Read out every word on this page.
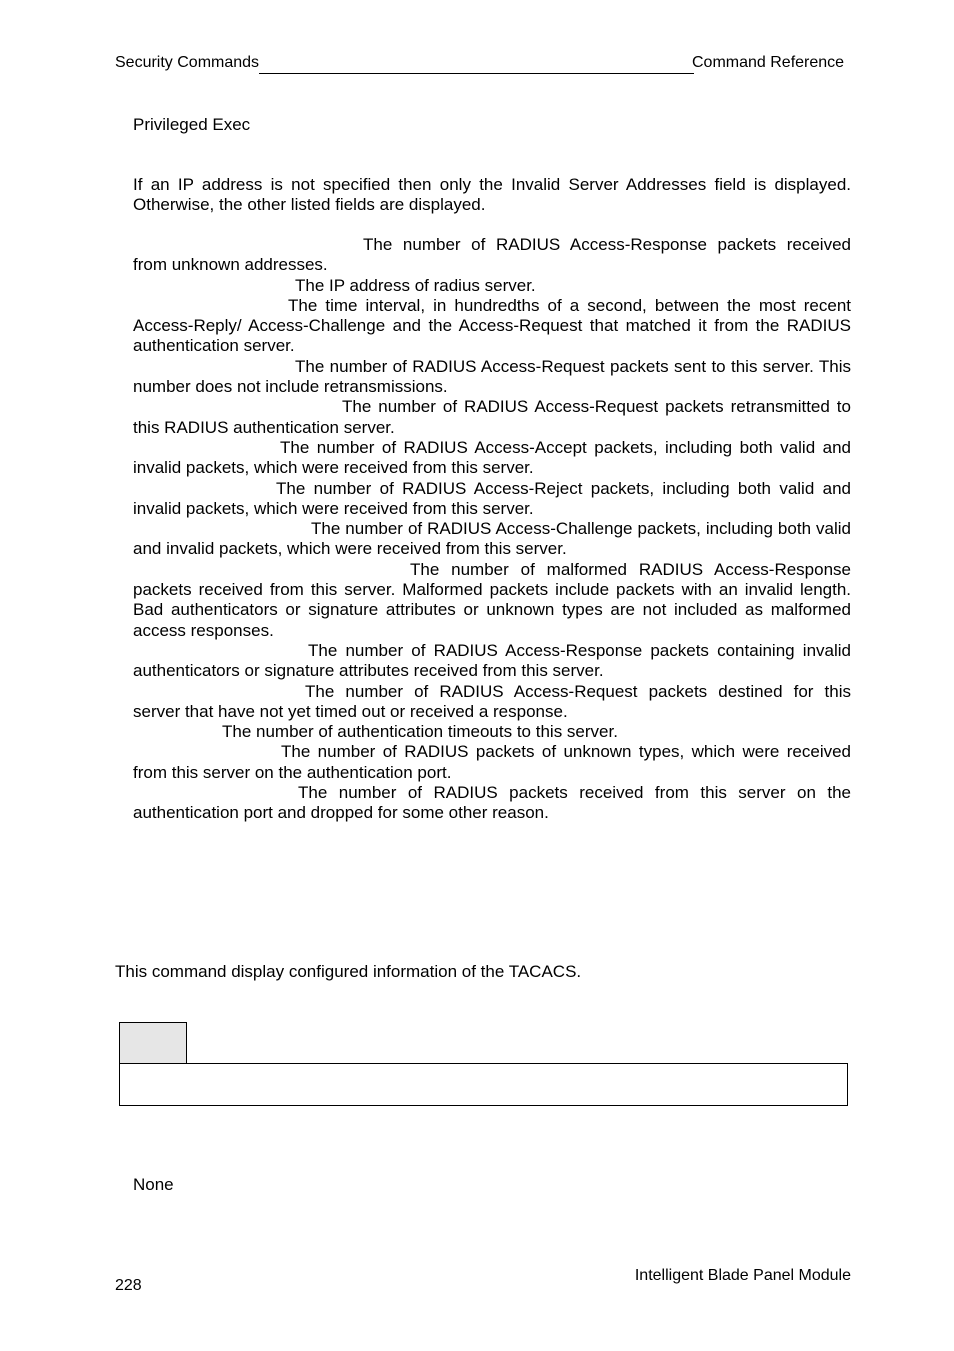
Security Commands	Command Reference
Privileged Exec
If an IP address is not specified then only the Invalid Server Addresses field is displayed. Otherwise, the other listed fields are displayed.
The number of RADIUS Access-Response packets received from unknown addresses.
The IP address of radius server.
The time interval, in hundredths of a second, between the most recent Access-Reply/ Access-Challenge and the Access-Request that matched it from the RADIUS authentication server.
The number of RADIUS Access-Request packets sent to this server. This number does not include retransmissions.
The number of RADIUS Access-Request packets retransmitted to this RADIUS authentication server.
The number of RADIUS Access-Accept packets, including both valid and invalid packets, which were received from this server.
The number of RADIUS Access-Reject packets, including both valid and invalid packets, which were received from this server.
The number of RADIUS Access-Challenge packets, including both valid and invalid packets, which were received from this server.
The number of malformed RADIUS Access-Response packets received from this server. Malformed packets include packets with an invalid length. Bad authenticators or signature attributes or unknown types are not included as malformed access responses.
The number of RADIUS Access-Response packets containing invalid authenticators or signature attributes received from this server.
The number of RADIUS Access-Request packets destined for this server that have not yet timed out or received a response.
The number of authentication timeouts to this server.
The number of RADIUS packets of unknown types, which were received from this server on the authentication port.
The number of RADIUS packets received from this server on the authentication port and dropped for some other reason.
This command display configured information of the TACACS.
None
228
Intelligent Blade Panel Module
